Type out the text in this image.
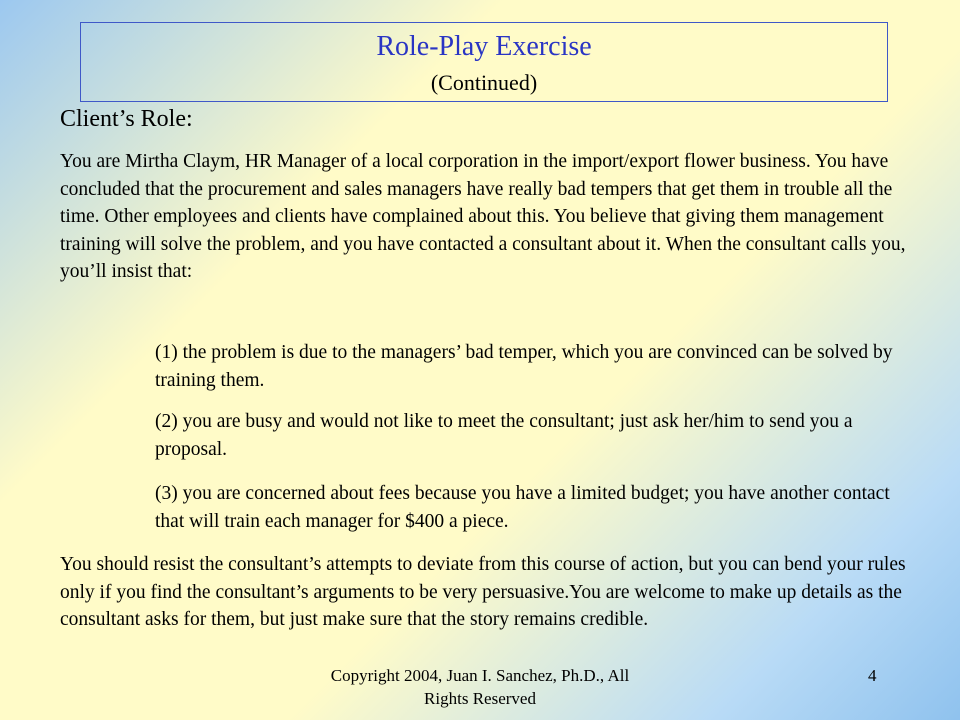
Role-Play Exercise
(Continued)
Client’s Role:
You are Mirtha Claym, HR Manager of a local corporation in the import/export flower business. You have concluded that the procurement and sales managers have really bad tempers that get them in trouble all the time. Other employees and clients have complained about this. You believe that giving them management training will solve the problem, and you have contacted a consultant about it. When the consultant calls you, you’ll insist that:
(1) the problem is due to the managers’ bad temper, which you are convinced can be solved by training them.
(2) you are busy and would not like to meet the consultant; just ask her/him to send you a proposal.
(3) you are concerned about fees because you have a limited budget; you have another contact that will train each manager for $400 a piece.
You should resist the consultant’s attempts to deviate from this course of action, but you can bend your rules only if you find the consultant’s arguments to be very persuasive.You are welcome to make up details as the consultant asks for them, but just make sure that the story remains credible.
Copyright 2004, Juan I. Sanchez, Ph.D., All Rights Reserved
4
